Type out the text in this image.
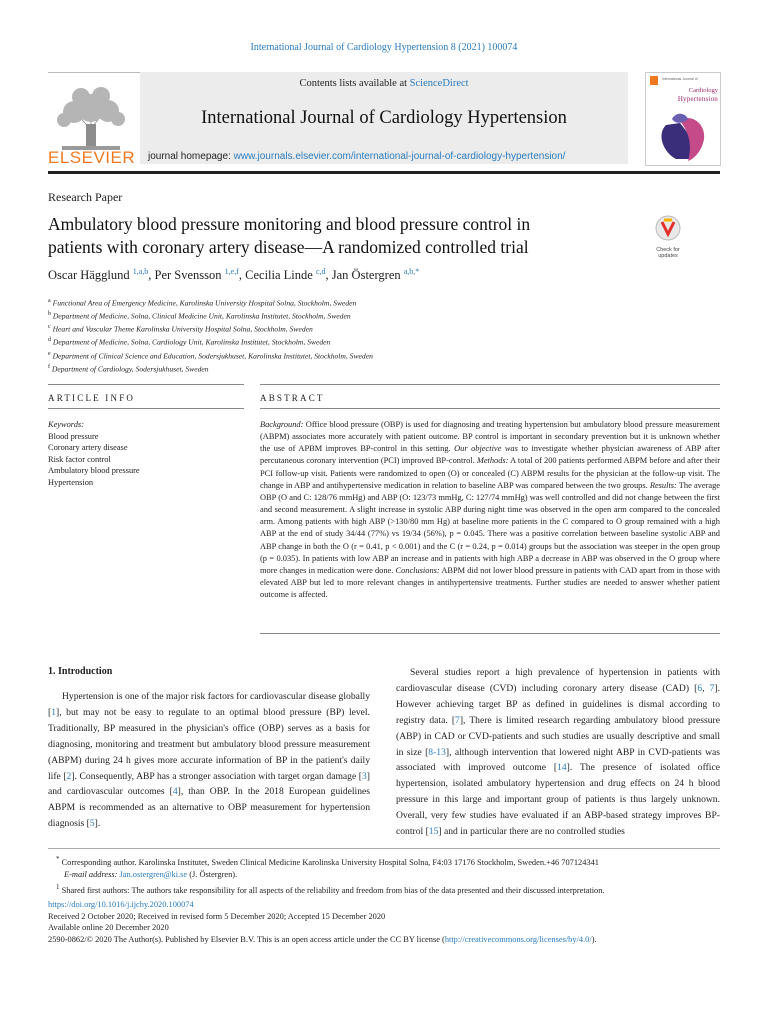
International Journal of Cardiology Hypertension 8 (2021) 100074
ELSEVIER
Contents lists available at ScienceDirect
International Journal of Cardiology Hypertension
journal homepage: www.journals.elsevier.com/international-journal-of-cardiology-hypertension/
International Journal of
Cardiology
Hypertension
Research Paper
Ambulatory blood pressure monitoring and blood pressure control in
patients with coronary artery disease—A randomized controlled trial	Check for
updates
Oscar Hägglund $^{1,a,b}$, Per Svensson $^{1,e,f}$, Cecilia Linde $^{c,d}$, Jan Östergren $^{a,b,*}$
$^a$ Functional Area of Emergency Medicine, Karolinska University Hospital Solna, Stockholm, Sweden
$^b$ Department of Medicine, Solna, Clinical Medicine Unit, Karolinska Institutet, Stockholm, Sweden
$^c$ Heart and Vascular Theme Karolinska University Hospital Solna, Stockholm, Sweden
$^d$ Department of Medicine, Solna, Cardiology Unit, Karolinska Institutet, Stockholm, Sweden
$^e$ Department of Clinical Science and Education, Sodersjukhuset, Karolinska Institutet, Stockholm, Sweden
$^f$ Department of Cardiology, Sodersjukhuset, Sweden
ARTICLE INFO	ABSTRACT
Keywords:
Blood pressure
Coronary artery disease
Risk factor control
Ambulatory blood pressure
Hypertension
Background: Office blood pressure (OBP) is used for diagnosing and treating hypertension but ambulatory blood pressure measurement (ABPM) associates more accurately with patient outcome. BP control is important in secondary prevention but it is unknown whether the use of APBM improves BP-control in this setting. Our objective was to investigate whether physician awareness of ABP after percutaneous coronary intervention (PCI) improved BP-control. Methods: A total of 200 patients performed ABPM before and after their PCI follow-up visit. Patients were randomized to open (O) or concealed (C) ABPM results for the physician at the follow-up visit. The change in ABP and antihypertensive medication in relation to baseline ABP was compared between the two groups. Results: The average OBP (O and C: 128/76 mmHg) and ABP (O: 123/73 mmHg, C: 127/74 mmHg) was well controlled and did not change between the first and second measurement. A slight increase in systolic ABP during night time was observed in the open arm compared to the concealed arm. Among patients with high ABP (>130/80 mm Hg) at baseline more patients in the C compared to O group remained with a high ABP at the end of study 34/44 (77%) vs 19/34 (56%), p = 0.045. There was a positive correlation between baseline systolic ABP and ABP change in both the O (r = 0.41, p < 0.001) and the C (r = 0.24, p = 0.014) groups but the association was steeper in the open group (p = 0.035). In patients with low ABP an increase and in patients with high ABP a decrease in ABP was observed in the O group where more changes in medication were done. Conclusions: ABPM did not lower blood pressure in patients with CAD apart from in those with elevated ABP but led to more relevant changes in antihypertensive treatments. Further studies are needed to answer whether patient outcome is affected.
1. Introduction

Hypertension is one of the major risk factors for cardiovascular disease globally [1], but may not be easy to regulate to an optimal blood pressure (BP) level. Traditionally, BP measured in the physician's office (OBP) serves as a basis for diagnosing, monitoring and treatment but ambulatory blood pressure measurement (ABPM) during 24 h gives more accurate information of BP in the patient's daily life [2]. Consequently, ABP has a stronger association with target organ damage [3] and cardiovascular outcomes [4], than OBP. In the 2018 European guidelines ABPM is recommended as an alternative to OBP measurement for hypertension diagnosis [5].

Several studies report a high prevalence of hypertension in patients with cardiovascular disease (CVD) including coronary artery disease (CAD) [6, 7]. However achieving target BP as defined in guidelines is dismal according to registry data. [7], There is limited research regarding ambulatory blood pressure (ABP) in CAD or CVD-patients and such studies are usually descriptive and small in size [8-13], although intervention that lowered night ABP in CVD-patients was associated with improved outcome [14]. The presence of isolated office hypertension, isolated ambulatory hypertension and drug effects on 24 h blood pressure in this large and important group of patients is thus largely unknown. Overall, very few studies have evaluated if an ABP-based strategy improves BP-control [15] and in particular there are no controlled studies

* Corresponding author. Karolinska Institutet, Sweden Clinical Medicine Karolinska University Hospital Solna, F4:03 17176 Stockholm, Sweden.+46 707124341
E-mail address: Jan.ostergren@ki.se (J. Östergren).
$^1$ Shared first authors: The authors take responsibility for all aspects of the reliability and freedom from bias of the data presented and their discussed interpretation.
https://doi.org/10.1016/j.ijchy.2020.100074
Received 2 October 2020; Received in revised form 5 December 2020; Accepted 15 December 2020
Available online 20 December 2020
2590-0862/© 2020 The Author(s). Published by Elsevier B.V. This is an open access article under the CC BY license (http://creativecommons.org/licenses/by/4.0/).
